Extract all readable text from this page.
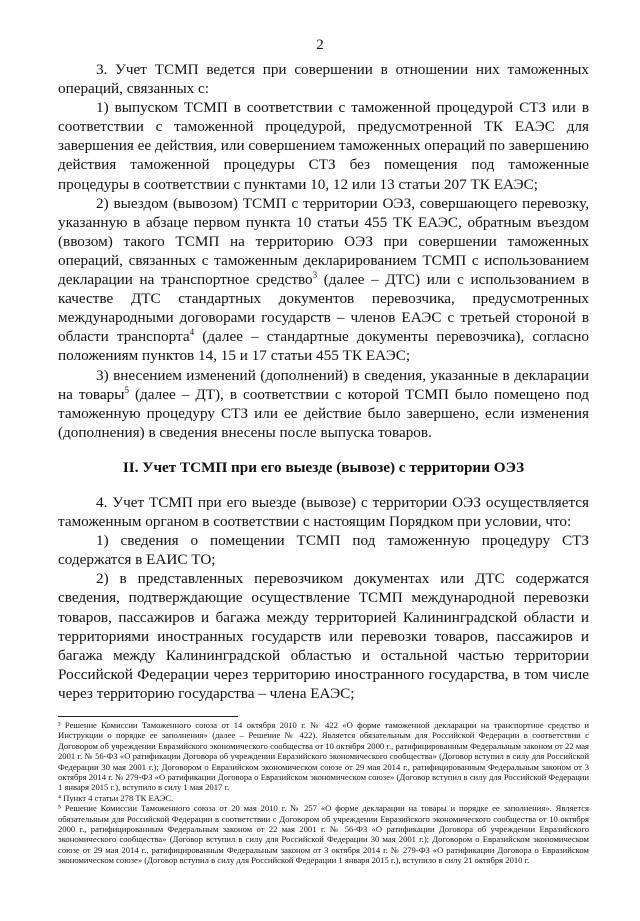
2

3. Учет ТСМП ведется при совершении в отношении них таможенных операций, связанных с:

1) выпуском ТСМП в соответствии с таможенной процедурой СТЗ или в соответствии с таможенной процедурой, предусмотренной ТК ЕАЭС для завершения ее действия, или совершением таможенных операций по завершению действия таможенной процедуры СТЗ без помещения под таможенные процедуры в соответствии с пунктами 10, 12 или 13 статьи 207 ТК ЕАЭС;

2) выездом (вывозом) ТСМП с территории ОЭЗ, совершающего перевозку, указанную в абзаце первом пункта 10 статьи 455 ТК ЕАЭС, обратным въездом (ввозом) такого ТСМП на территорию ОЭЗ при совершении таможенных операций, связанных с таможенным декларированием ТСМП с использованием декларации на транспортное средство$^3$ (далее – ДТС) или с использованием в качестве ДТС стандартных документов перевозчика, предусмотренных международными договорами государств – членов ЕАЭС с третьей стороной в области транспорта$^4$ (далее – стандартные документы перевозчика), согласно положениям пунктов 14, 15 и 17 статьи 455 ТК ЕАЭС;

3) внесением изменений (дополнений) в сведения, указанные в декларации на товары$^5$ (далее – ДТ), в соответствии с которой ТСМП было помещено под таможенную процедуру СТЗ или ее действие было завершено, если изменения (дополнения) в сведения внесены после выпуска товаров.

II. Учет ТСМП при его выезде (вывозе) с территории ОЭЗ

4. Учет ТСМП при его выезде (вывозе) с территории ОЭЗ осуществляется таможенным органом в соответствии с настоящим Порядком при условии, что:

1) сведения о помещении ТСМП под таможенную процедуру СТЗ содержатся в ЕАИС ТО;

2) в представленных перевозчиком документах или ДТС содержатся сведения, подтверждающие осуществление ТСМП международной перевозки товаров, пассажиров и багажа между территорией Калининградской области и территориями иностранных государств или перевозки товаров, пассажиров и багажа между Калининградской областью и остальной частью территории Российской Федерации через территорию иностранного государства, в том числе через территорию государства – члена ЕАЭС;

³ Решение Комиссии Таможенного союза от 14 октября 2010 г. № 422 «О форме таможенной декларации на транспортное средство и Инструкции о порядке ее заполнения» (далее – Решение № 422). Является обязательным для Российской Федерации в соответствии с Договором об учреждении Евразийского экономического сообщества от 10 октября 2000 г., ратифицированным Федеральным законом от 22 мая 2001 г. № 56-ФЗ «О ратификации Договора об учреждении Евразийского экономического сообщества» (Договор вступил в силу для Российской Федерации 30 мая 2001 г.); Договором о Евразийском экономическом союзе от 29 мая 2014 г., ратифицированным Федеральным законом от 3 октября 2014 г. № 279-ФЗ «О ратификации Договора о Евразийском экономическом союзе» (Договор вступил в силу для Российской Федерации 1 января 2015 г.), вступило в силу 1 мая 2017 г.

⁴ Пункт 4 статьи 278 ТК ЕАЭС.

⁵ Решение Комиссии Таможенного союза от 20 мая 2010 г. № 257 «О форме декларации на товары и порядке ее заполнения». Является обязательным для Российской Федерации в соответствии с Договором об учреждении Евразийского экономического сообщества от 10 октября 2000 г., ратифицированным Федеральным законом от 22 мая 2001 г. № 56-ФЗ «О ратификации Договора об учреждении Евразийского экономического сообщества» (Договор вступил в силу для Российской Федерации 30 мая 2001 г.); Договором о Евразийском экономическом союзе от 29 мая 2014 г., ратифицированным Федеральным законом от 3 октября 2014 г. № 279-ФЗ «О ратификации Договора о Евразийском экономическом союзе» (Договор вступил в силу для Российской Федерации 1 января 2015 г.), вступило в силу 21 октября 2010 г.
